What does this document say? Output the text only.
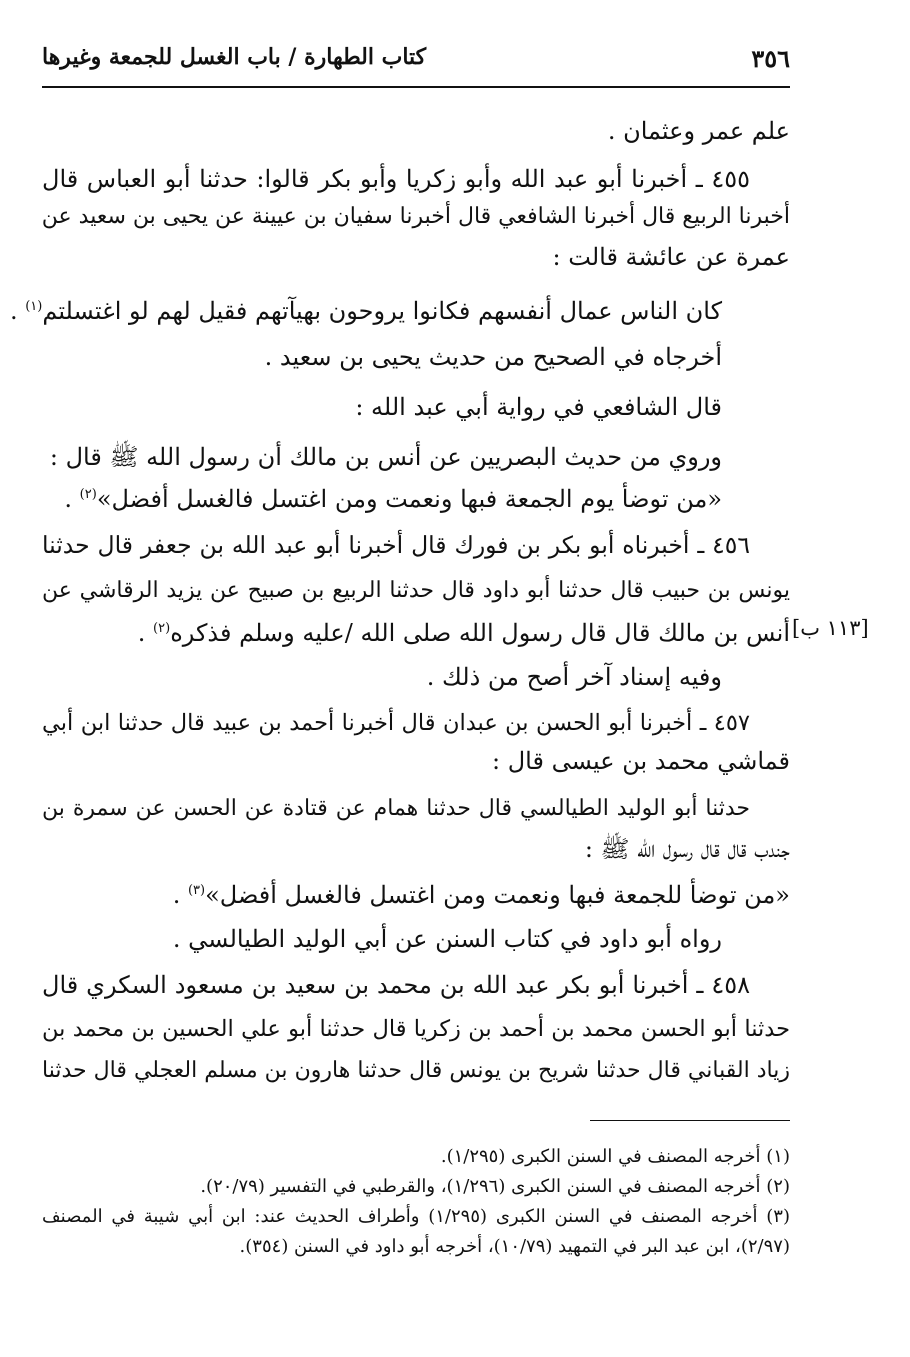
٣٥٦
كتاب الطهارة / باب الغسل للجمعة وغيرها
علم عمر وعثمان .
٤٥٥ ـ أخبرنا أبو عبد الله وأبو زكريا وأبو بكر قالوا: حدثنا أبو العباس قال
أخبرنا الربيع قال أخبرنا الشافعي قال أخبرنا سفيان بن عيينة عن يحيى بن سعيد عن
عمرة عن عائشة قالت :
كان الناس عمال أنفسهم فكانوا يروحون بهيآتهم فقيل لهم لو اغتسلتم$^{(١)}$ .
أخرجاه في الصحيح من حديث يحيى بن سعيد .
قال الشافعي في رواية أبي عبد الله :
وروي من حديث البصريين عن أنس بن مالك أن رسول الله ﷺ قال :
«من توضأ يوم الجمعة فبها ونعمت ومن اغتسل فالغسل أفضل»$^{(٢)}$ .
٤٥٦ ـ أخبرناه أبو بكر بن فورك قال أخبرنا أبو عبد الله بن جعفر قال حدثنا
يونس بن حبيب قال حدثنا أبو داود قال حدثنا الربيع بن صبيح عن يزيد الرقاشي عن
أنس بن مالك قال قال رسول الله صلى الله /عليه وسلم فذكره$^{(٢)}$ .	[١١٣ ب]
وفيه إسناد آخر أصح من ذلك .
٤٥٧ ـ أخبرنا أبو الحسن بن عبدان قال أخبرنا أحمد بن عبيد قال حدثنا ابن أبي
قماشي محمد بن عيسى قال :
حدثنا أبو الوليد الطيالسي قال حدثنا همام عن قتادة عن الحسن عن سمرة بن
جندب قال قال رسول الله ﷺ :
«من توضأ للجمعة فبها ونعمت ومن اغتسل فالغسل أفضل»$^{(٣)}$ .
رواه أبو داود في كتاب السنن عن أبي الوليد الطيالسي .
٤٥٨ ـ أخبرنا أبو بكر عبد الله بن محمد بن سعيد بن مسعود السكري قال
حدثنا أبو الحسن محمد بن أحمد بن زكريا قال حدثنا أبو علي الحسين بن محمد بن
زياد القباني قال حدثنا شريح بن يونس قال حدثنا هارون بن مسلم العجلي قال حدثنا
(١) أخرجه المصنف في السنن الكبرى (١/٢٩٥).
(٢) أخرجه المصنف في السنن الكبرى (١/٢٩٦)، والقرطبي في التفسير (٢٠/٧٩).
(٣) أخرجه المصنف في السنن الكبرى (١/٢٩٥) وأطراف الحديث عند: ابن أبي شيبة في المصنف
(٢/٩٧)، ابن عبد البر في التمهيد (١٠/٧٩)، أخرجه أبو داود في السنن (٣٥٤).
